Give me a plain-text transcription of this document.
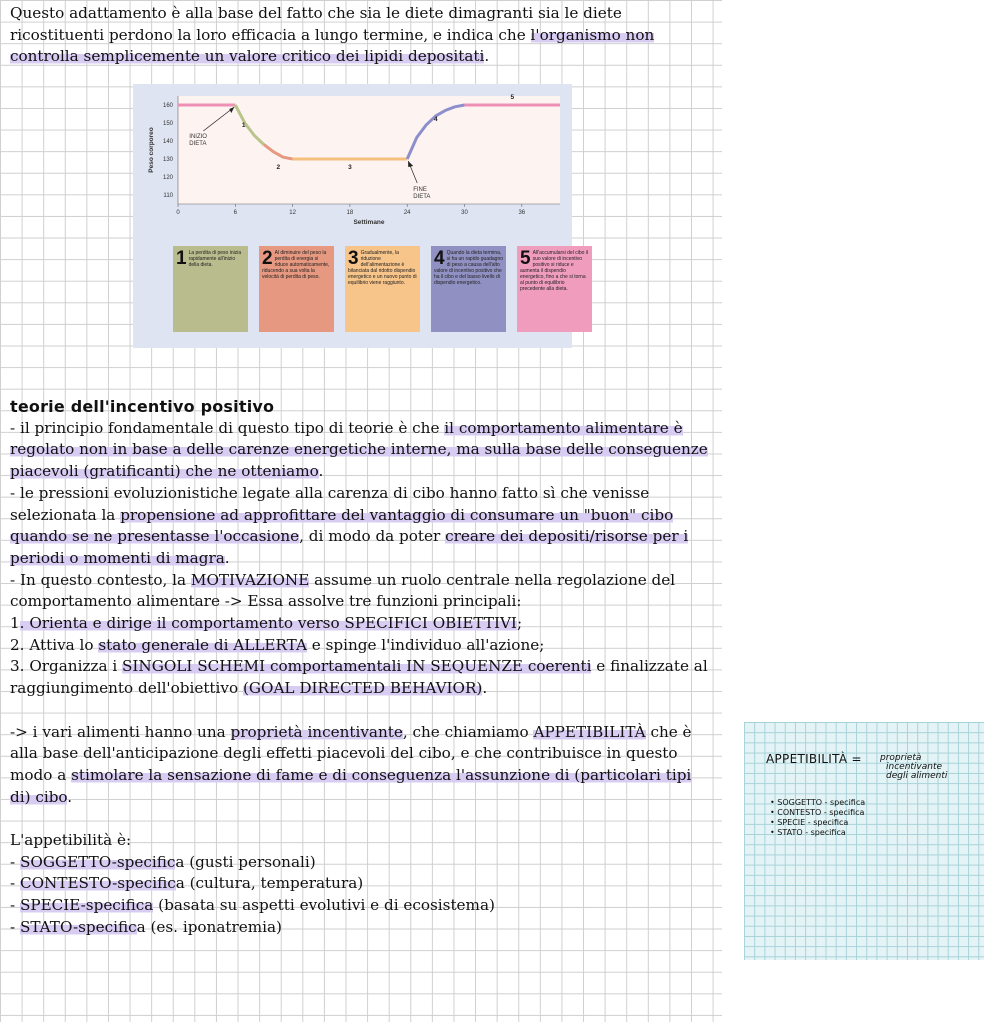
Questo adattamento è alla base del fatto che sia le diete dimagranti sia le diete ricostituenti perdono la loro efficacia a lungo termine, e indica che l'organismo non controlla semplicemente un valore critico dei lipidi depositati.

110
120
130
140
150
160
0	6	12	18	24	30	36
Settimane
Peso corporeo
1
2	3
4
5
INIZIO
DIETA
FINE
DIETA
1 La perdita di peso inizia rapidamente all'inizio della dieta.	2 Al diminuire del peso la perdita di energia si riduce automaticamente, riducendo a sua volta la velocità di perdita di peso.
3 Gradualmente, la riduzione dell'alimentazione è bilanciata dal ridotto dispendio energetico e un nuovo punto di equilibrio viene raggiunto.
4 Quando la dieta termina, si ha un rapido guadagno di peso a causa dell'alto valore di incentivo positivo che ha il cibo e del basso livello di dispendio energetico.
5 All'accumularsi del cibo il suo valore di incentivo positivo si riduce e aumenta il dispendio energetico, fino a che si torna al punto di equilibrio precedente alla dieta.

teorie dell'incentivo positivo

- il principio fondamentale di questo tipo di teorie è che il comportamento alimentare è regolato non in base a delle carenze energetiche interne, ma sulla base delle conseguenze piacevoli (gratificanti) che ne otteniamo.

- le pressioni evoluzionistiche legate alla carenza di cibo hanno fatto sì che venisse selezionata la propensione ad approfittare del vantaggio di consumare un "buon" cibo quando se ne presentasse l'occasione, di modo da poter creare dei depositi/risorse per i periodi o momenti di magra.

- In questo contesto, la MOTIVAZIONE assume un ruolo centrale nella regolazione del comportamento alimentare -> Essa assolve tre funzioni principali:

1. Orienta e dirige il comportamento verso SPECIFICI OBIETTIVI;

2. Attiva lo stato generale di ALLERTA e spinge l'individuo all'azione;

3. Organizza i SINGOLI SCHEMI comportamentali IN SEQUENZE coerenti e finalizzate al raggiungimento dell'obiettivo (GOAL DIRECTED BEHAVIOR).

-> i vari alimenti hanno una proprietà incentivante, che chiamiamo APPETIBILITÀ che è alla base dell'anticipazione degli effetti piacevoli del cibo, e che contribuisce in questo modo a stimolare la sensazione di fame e di conseguenza l'assunzione di (particolari tipi di) cibo.

L'appetibilità è:

- SOGGETTO-specifica (gusti personali)

- CONTESTO-specifica (cultura, temperatura)

- SPECIE-specifica (basata su aspetti evolutivi e di ecosistema)

- STATO-specifica (es. iponatremia)

APPETIBILITÀ = proprietà
incentivante
degli alimenti
• SOGGETTO - specifica
• CONTESTO - specifica
• SPECIE - specifica
• STATO - specifica
